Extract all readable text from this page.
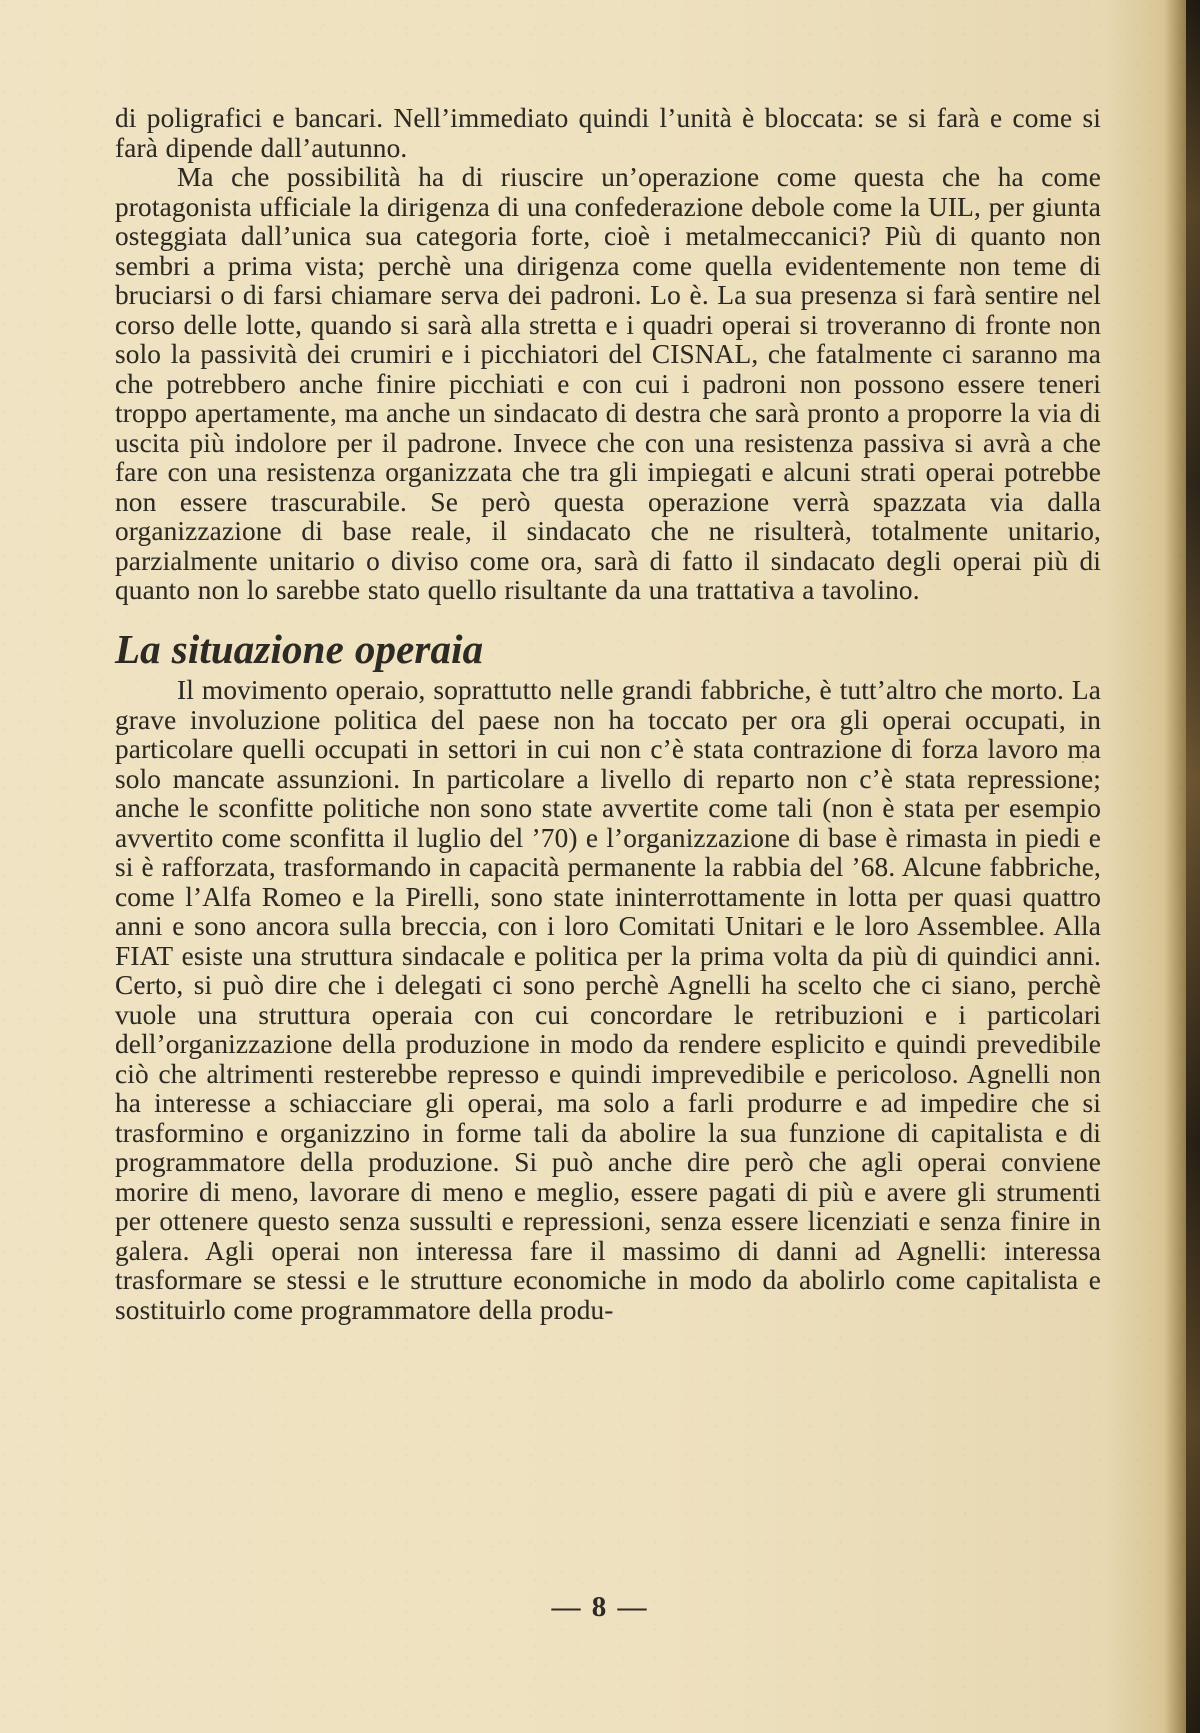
di poligrafici e bancari. Nell’immediato quindi l’unità è bloccata: se si farà e come si farà dipende dall’autunno.

Ma che possibilità ha di riuscire un’operazione come questa che ha come protagonista ufficiale la dirigenza di una confederazione debole come la UIL, per giunta osteggiata dall’unica sua categoria forte, cioè i metalmeccanici? Più di quanto non sembri a prima vista; perchè una dirigenza come quella evidentemente non teme di bruciarsi o di farsi chiamare serva dei padroni. Lo è. La sua presenza si farà sentire nel corso delle lotte, quando si sarà alla stretta e i quadri operai si troveranno di fronte non solo la passività dei crumiri e i picchiatori del CISNAL, che fatalmente ci saranno ma che potrebbero anche finire picchiati e con cui i padroni non possono essere teneri troppo apertamente, ma anche un sindacato di destra che sarà pronto a proporre la via di uscita più indolore per il padrone. Invece che con una resistenza passiva si avrà a che fare con una resistenza organizzata che tra gli impiegati e alcuni strati operai potrebbe non essere trascurabile. Se però questa operazione verrà spazzata via dalla organizzazione di base reale, il sindacato che ne risulterà, totalmente unitario, parzialmente unitario o diviso come ora, sarà di fatto il sindacato degli operai più di quanto non lo sarebbe stato quello risultante da una trattativa a tavolino.

La situazione operaia

Il movimento operaio, soprattutto nelle grandi fabbriche, è tutt’altro che morto. La grave involuzione politica del paese non ha toccato per ora gli operai occupati, in particolare quelli occupati in settori in cui non c’è stata contrazione di forza lavoro ma solo mancate assunzioni. In particolare a livello di reparto non c’è stata repressione; anche le sconfitte politiche non sono state avvertite come tali (non è stata per esempio avvertito come sconfitta il luglio del ’70) e l’organizzazione di base è rimasta in piedi e si è rafforzata, trasformando in capacità permanente la rabbia del ’68. Alcune fabbriche, come l’Alfa Romeo e la Pirelli, sono state ininterrottamente in lotta per quasi quattro anni e sono ancora sulla breccia, con i loro Comitati Unitari e le loro Assemblee. Alla FIAT esiste una struttura sindacale e politica per la prima volta da più di quindici anni. Certo, si può dire che i delegati ci sono perchè Agnelli ha scelto che ci siano, perchè vuole una struttura operaia con cui concordare le retribuzioni e i particolari dell’organizzazione della produzione in modo da rendere esplicito e quindi prevedibile ciò che altrimenti resterebbe represso e quindi imprevedibile e pericoloso. Agnelli non ha interesse a schiacciare gli operai, ma solo a farli produrre e ad impedire che si trasformino e organizzino in forme tali da abolire la sua funzione di capitalista e di programmatore della produzione. Si può anche dire però che agli operai conviene morire di meno, lavorare di meno e meglio, essere pagati di più e avere gli strumenti per ottenere questo senza sussulti e repressioni, senza essere licenziati e senza finire in galera. Agli operai non interessa fare il massimo di danni ad Agnelli: interessa trasformare se stessi e le strutture economiche in modo da abolirlo come capitalista e sostituirlo come programmatore della produ-

— 8 —
